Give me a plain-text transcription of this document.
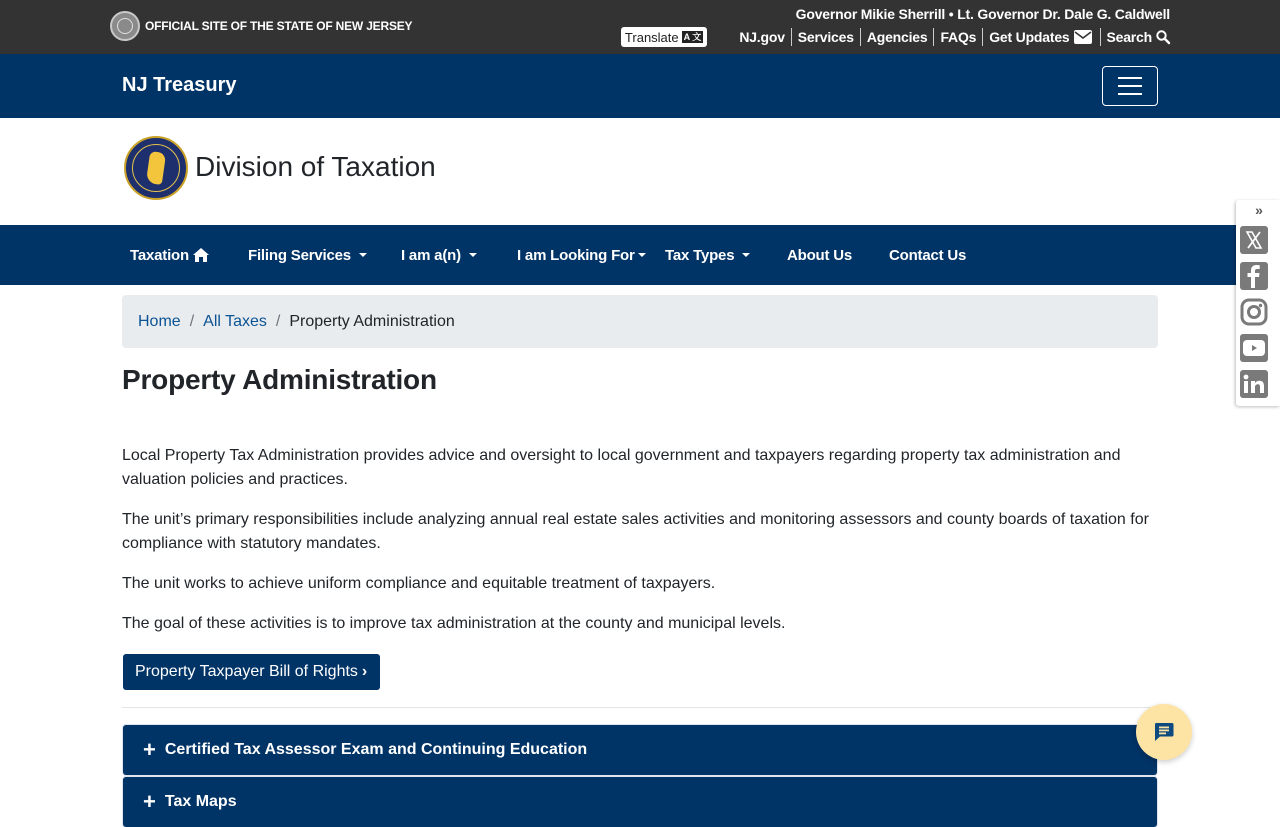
OFFICIAL SITE OF THE STATE OF NEW JERSEY
Governor Mikie Sherrill • Lt. Governor Dr. Dale G. Caldwell
Translate A 文	NJ.gov Services Agencies FAQs Get Updates	Search
NJ Treasury
Division of Taxation
Taxation	Filing Services	I am a(n)	I am Looking For Tax Types	About Us Contact Us
»
Home / All Taxes / Property Administration
Property Administration

Local Property Tax Administration provides advice and oversight to local government and taxpayers regarding property tax administration and valuation policies and practices.

The unit’s primary responsibilities include analyzing annual real estate sales activities and monitoring assessors and county boards of taxation for compliance with statutory mandates.

The unit works to achieve uniform compliance and equitable treatment of taxpayers.

The goal of these activities is to improve tax administration at the county and municipal levels.

Property Taxpayer Bill of Rights ›
+ Certified Tax Assessor Exam and Continuing Education
+ Tax Maps
